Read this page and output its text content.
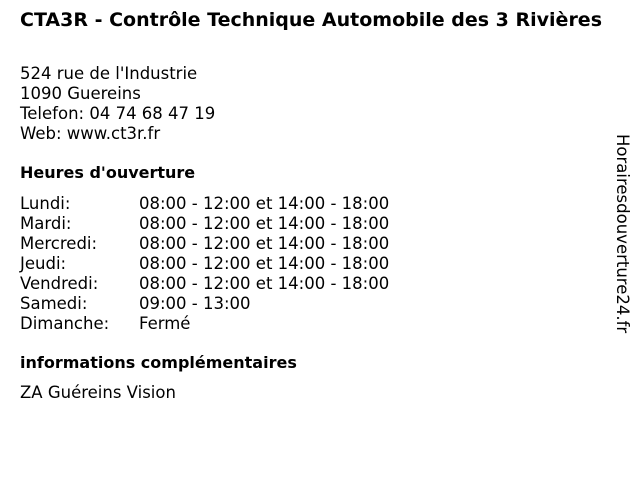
CTA3R - Contrôle Technique Automobile des 3 Rivières
524 rue de l'Industrie
1090 Guereins
Telefon: 04 74 68 47 19
Web: www.ct3r.fr
Heures d'ouverture
Lundi:	08:00 - 12:00 et 14:00 - 18:00
Mardi:	08:00 - 12:00 et 14:00 - 18:00
Mercredi:	08:00 - 12:00 et 14:00 - 18:00
Jeudi:	08:00 - 12:00 et 14:00 - 18:00
Vendredi:	08:00 - 12:00 et 14:00 - 18:00
Samedi:	09:00 - 13:00
Dimanche:	Fermé
informations complémentaires
ZA Guéreins Vision
Horairesdouverture24.fr
